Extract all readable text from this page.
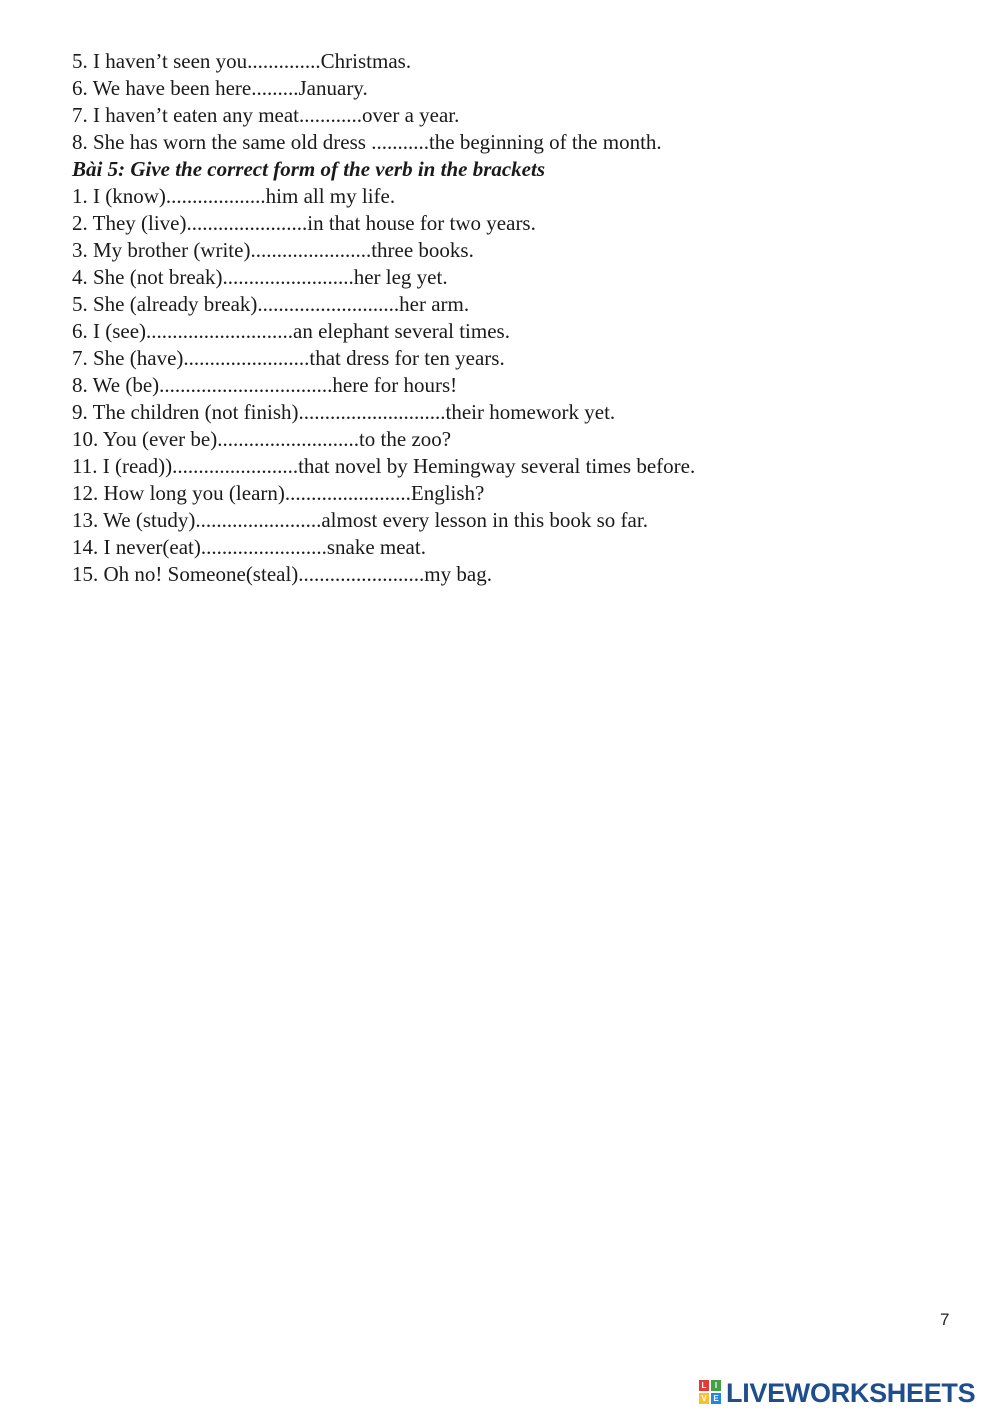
5. I haven’t seen you..............Christmas.
6. We have been here.........January.
7. I haven’t eaten any meat............over a year.
8. She has worn the same old dress ...........the beginning of the month.
Bài 5: Give the correct form of the verb in the brackets
1. I (know)...................him all my life.
2. They (live).......................in that house for two years.
3. My brother (write).......................three books.
4. She (not break).........................her leg yet.
5. She (already break)...........................her arm.
6. I (see)............................an elephant several times.
7. She (have)........................that dress for ten years.
8. We (be).................................here for hours!
9. The children (not finish)............................their homework yet.
10. You (ever be)...........................to the zoo?
11. I (read))........................that novel by Hemingway several times before.
12. How long you (learn)........................English?
13. We (study)........................almost every lesson in this book so far.
14. I never(eat)........................snake meat.
15. Oh no! Someone(steal)........................my bag.
7
L	I
V E LIVEWORKSHEETS
